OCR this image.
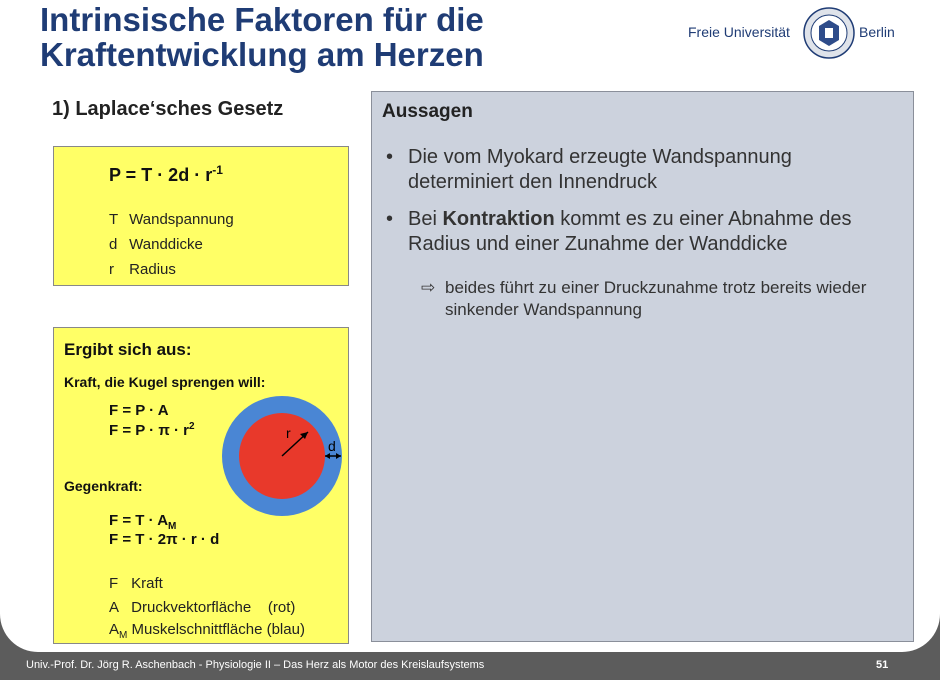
Intrinsische Faktoren für die
Kraftentwicklung am Herzen
Freie Universität	Berlin
1) Laplace‘sches Gesetz
$P = T \cdot 2d \cdot r^{-1}$
T Wandspannung
d Wanddicke
r Radius
Ergibt sich aus:
Kraft, die Kugel sprengen will:
F = P · A
$F = P \cdot \pi \cdot r^2$
Gegenkraft:
$F = T \cdot A_M$
F = T · 2π · r · d
F Kraft
A Druckvektorfläche    (rot)
$A_M$ Muskelschnittfläche (blau)
r
d
Aussagen
• Die vom Myokard erzeugte Wandspannung determiniert den Innendruck
• Bei Kontraktion kommt es zu einer Abnahme des Radius und einer Zunahme der Wanddicke
⇨ beides führt zu einer Druckzunahme trotz bereits wieder sinkender Wandspannung
Univ.-Prof. Dr. Jörg R. Aschenbach - Physiologie II – Das Herz als Motor des Kreislaufsystems	51
